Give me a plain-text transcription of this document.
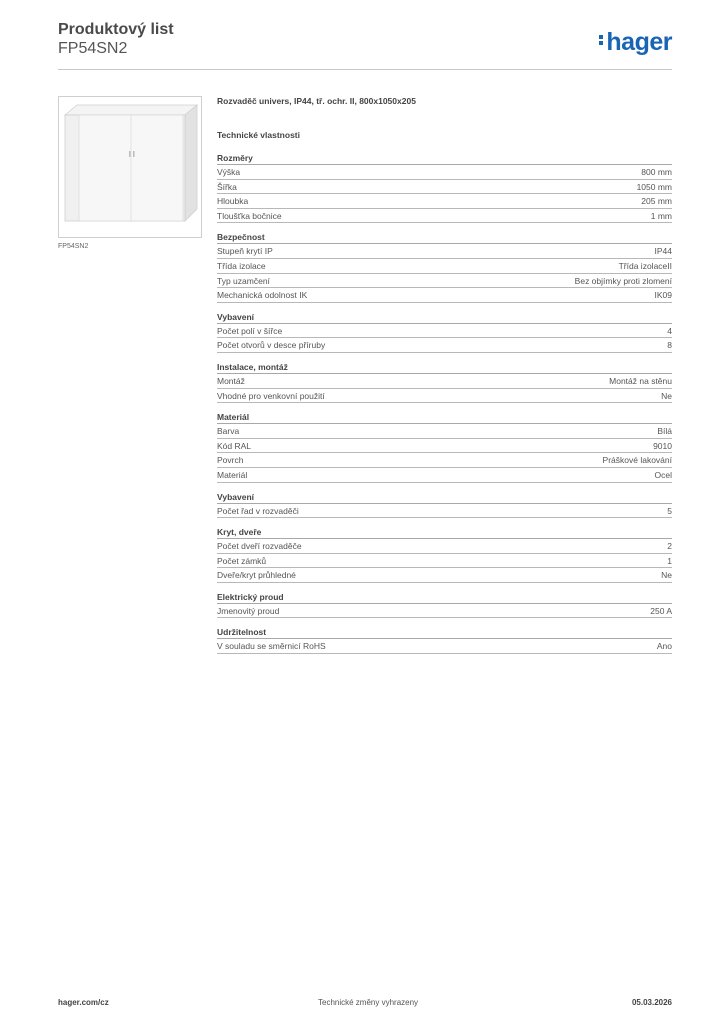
Produktový list
FP54SN2	hager
FP54SN2
Rozvaděč univers, IP44, tř. ochr. II, 800x1050x205
Technické vlastnosti
Rozměry
Výška	800 mm
Šířka	1050 mm
Hloubka	205 mm
Tloušťka bočnice	1 mm
Bezpečnost
Stupeň krytí IP	IP44
Třída izolace	Třída izolaceII
Typ uzamčení	Bez objímky proti zlomení
Mechanická odolnost IK	IK09
Vybavení
Počet polí v šířce	4
Počet otvorů v desce příruby	8
Instalace, montáž
Montáž	Montáž na stěnu
Vhodné pro venkovní použití	Ne
Materiál
Barva	Bílá
Kód RAL	9010
Povrch	Práškové lakování
Materiál	Ocel
Vybavení
Počet řad v rozvaděči	5
Kryt, dveře
Počet dveří rozvaděče	2
Počet zámků	1
Dveře/kryt průhledné	Ne
Elektrický proud
Jmenovitý proud	250 A
Udržitelnost
V souladu se směrnicí RoHS	Ano
hager.com/cz	Technické změny vyhrazeny	05.03.2026
